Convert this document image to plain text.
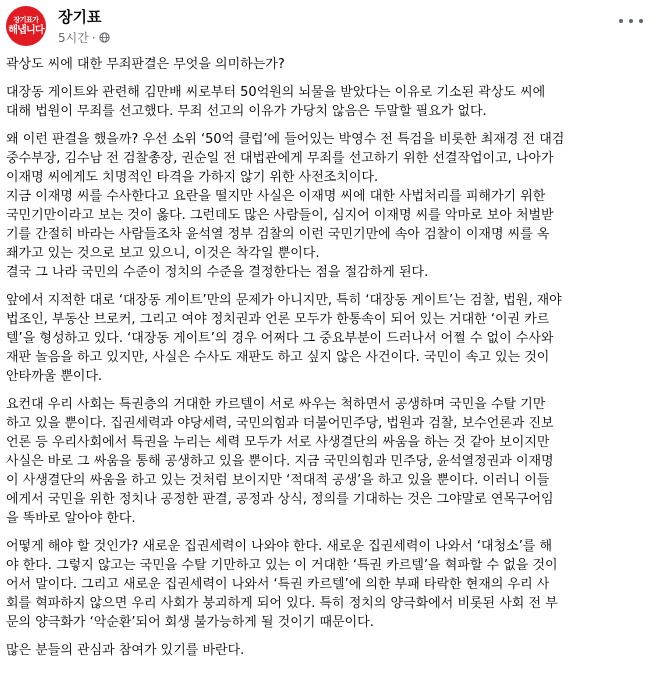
장기표가
해냅니다
장기표
5시간 ·

곽상도 씨에 대한 무죄판결은 무엇을 의미하는가?

대장동 게이트와 관련해 김만배 씨로부터 50억원의 뇌물을 받았다는 이유로 기소된 곽상도 씨에
대해 법원이 무죄를 선고했다. 무죄 선고의 이유가 가당치 않음은 두말할 필요가 없다.

왜 이런 판결을 했을까? 우선 소위 ‘50억 클럽’에 들어있는 박영수 전 특검을 비롯한 최재경 전 대검
중수부장, 김수남 전 검찰총장, 권순일 전 대법관에게 무죄를 선고하기 위한 선결작업이고, 나아가
이재명 씨에게도 치명적인 타격을 가하지 않기 위한 사전조치이다.
지금 이재명 씨를 수사한다고 요란을 떨지만 사실은 이재명 씨에 대한 사법처리를 피해가기 위한
국민기만이라고 보는 것이 옳다. 그런데도 많은 사람들이, 심지어 이재명 씨를 악마로 보아 처벌받
기를 간절히 바라는 사람들조차 윤석열 정부 검찰의 이런 국민기만에 속아 검찰이 이재명 씨를 옥
좨가고 있는 것으로 보고 있으니, 이것은 착각일 뿐이다.
결국 그 나라 국민의 수준이 정치의 수준을 결정한다는 점을 절감하게 된다.

앞에서 지적한 대로 ‘대장동 게이트’만의 문제가 아니지만, 특히 ‘대장동 게이트’는 검찰, 법원, 재야
법조인, 부동산 브로커, 그리고 여야 정치권과 언론 모두가 한통속이 되어 있는 거대한 ‘이권 카르
텔’을 형성하고 있다. ‘대장동 게이트’의 경우 어쩌다 그 중요부분이 드러나서 어쩔 수 없이 수사와
재판 놀음을 하고 있지만, 사실은 수사도 재판도 하고 싶지 않은 사건이다. 국민이 속고 있는 것이
안타까울 뿐이다.

요컨대 우리 사회는 특권층의 거대한 카르텔이 서로 싸우는 척하면서 공생하며 국민을 수탈 기만
하고 있을 뿐이다. 집권세력과 야당세력, 국민의힘과 더불어민주당, 법원과 검찰, 보수언론과 진보
언론 등 우리사회에서 특권을 누리는 세력 모두가 서로 사생결단의 싸움을 하는 것 같아 보이지만
사실은 바로 그 싸움을 통해 공생하고 있을 뿐이다. 지금 국민의힘과 민주당, 윤석열정권과 이재명
이 사생결단의 싸움을 하고 있는 것처럼 보이지만 ‘적대적 공생’을 하고 있을 뿐이다. 이러니 이들
에게서 국민을 위한 정치나 공정한 판결, 공정과 상식, 정의를 기대하는 것은 그야말로 연목구어임
을 똑바로 알아야 한다.

어떻게 해야 할 것인가? 새로운 집권세력이 나와야 한다. 새로운 집권세력이 나와서 ‘대청소’를 해
야 한다. 그렇지 않고는 국민을 수탈 기만하고 있는 이 거대한 ‘특권 카르텔’을 혁파할 수 없을 것이
어서 말이다. 그리고 새로운 집권세력이 나와서 ‘특권 카르텔’에 의한 부패 타락한 현재의 우리 사
회를 혁파하지 않으면 우리 사회가 붕괴하게 되어 있다. 특히 정치의 양극화에서 비롯된 사회 전 부
문의 양극화가 ‘악순환’되어 회생 불가능하게 될 것이기 때문이다.

많은 분들의 관심과 참여가 있기를 바란다.
